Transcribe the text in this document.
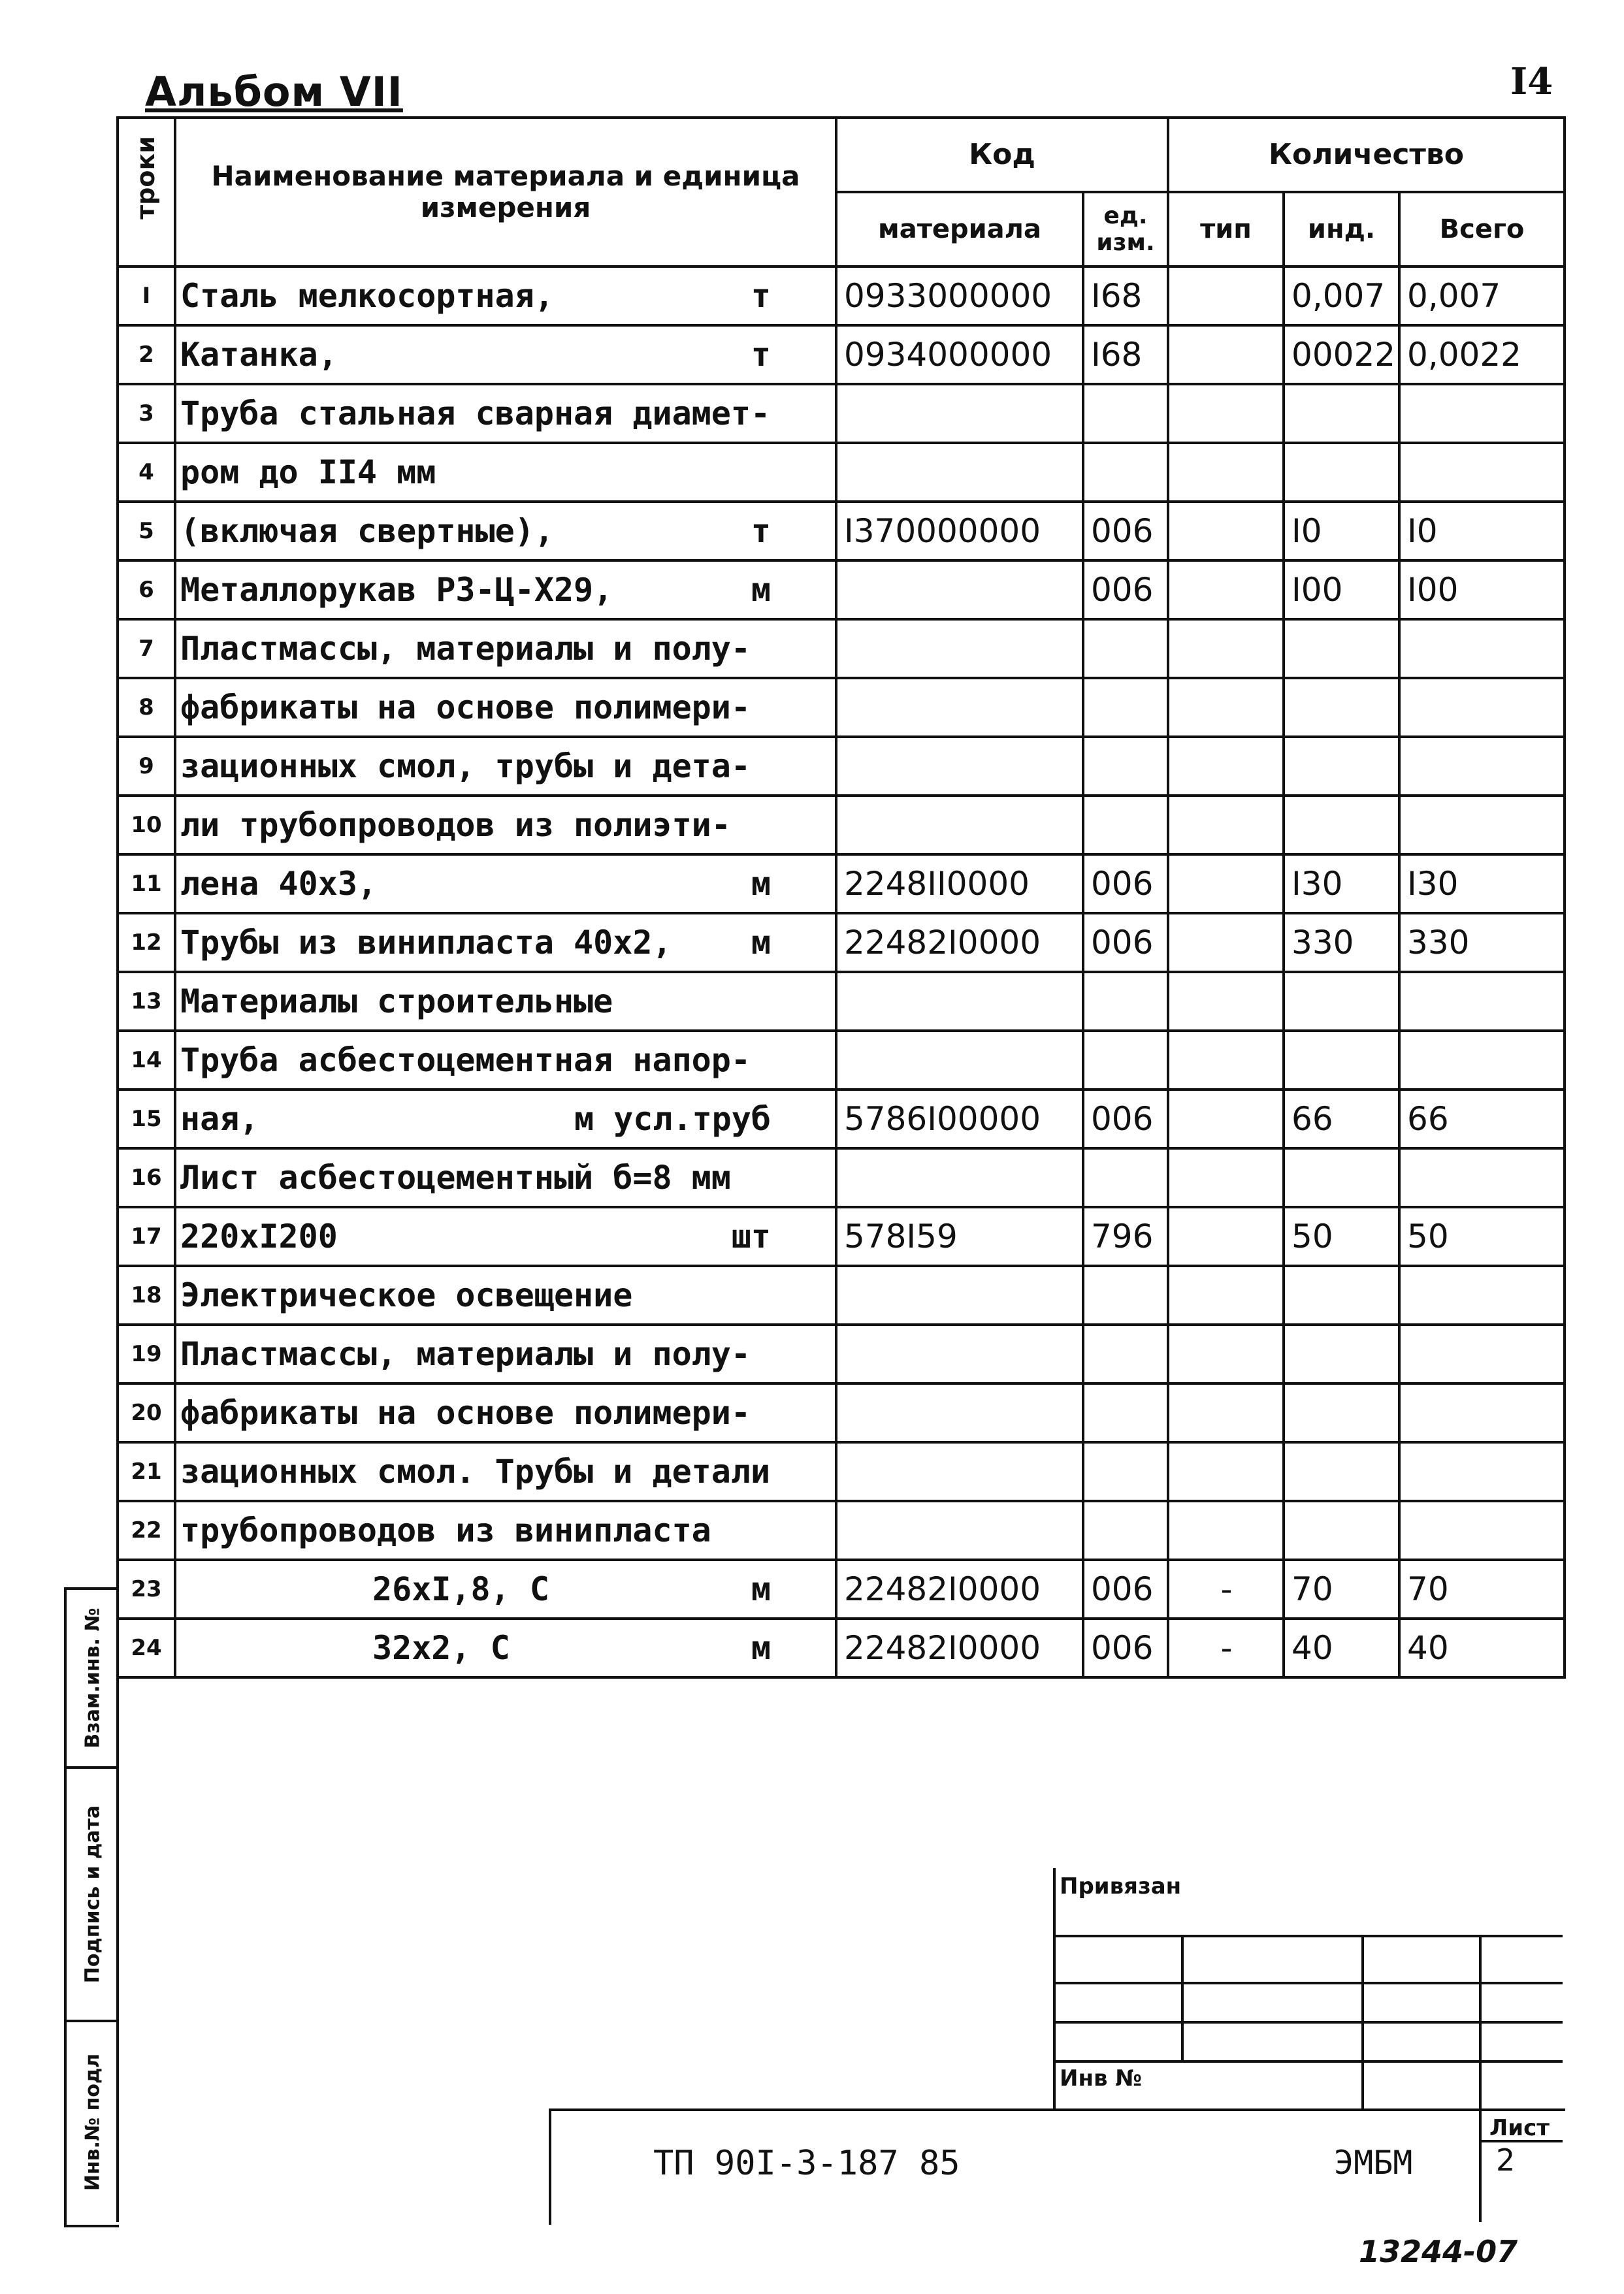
Альбом VII	I4
троки	Наименование материала и единица измерения	Код		Количество		
		материала	ед. изм.	тип	инд.	Всего
I	Сталь мелкосортная, т	0933000000	I68		0,007	0,007
2	Катанка, т	0934000000	I68		00022	0,0022
3	Труба стальная сварная диамет-					

4	ром до II4 мм					

5	(включая свертные), т	I370000000	006		I0	I0
6	Металлорукав РЗ-Ц-Х29, м		006		I00	I00
7	Пластмассы, материалы и полу-					

8	фабрикаты на основе полимери-					

9	зационных смол, трубы и дета-					

10	ли трубопроводов из полиэти-					

11	лена 40х3, м	2248II0000	006		I30	I30
12	Трубы из винипласта 40х2, м	22482I0000	006		330	330
13	Материалы строительные					

14	Труба асбестоцементная напор-					

15	ная, м усл.труб	5786I00000	006		66	66
16	Лист асбестоцементный б=8 мм					

17	220хI200 шт	578I59	796		50	50
18	Электрическое освещение					

19	Пластмассы, материалы и полу-					

20	фабрикаты на основе полимери-					

21	зационных смол. Трубы и детали					

22	трубопроводов из винипласта					

23	26хI,8, С м	22482I0000	006	-	70	70
24	32х2, С м	22482I0000	006	-	40	40
Взам.инв. №
Подпись и дата
Инв.№ подл
Привязан
Инв №
ТП 90I-3-187 85	ЭМБМ
Лист
2
13244-07
